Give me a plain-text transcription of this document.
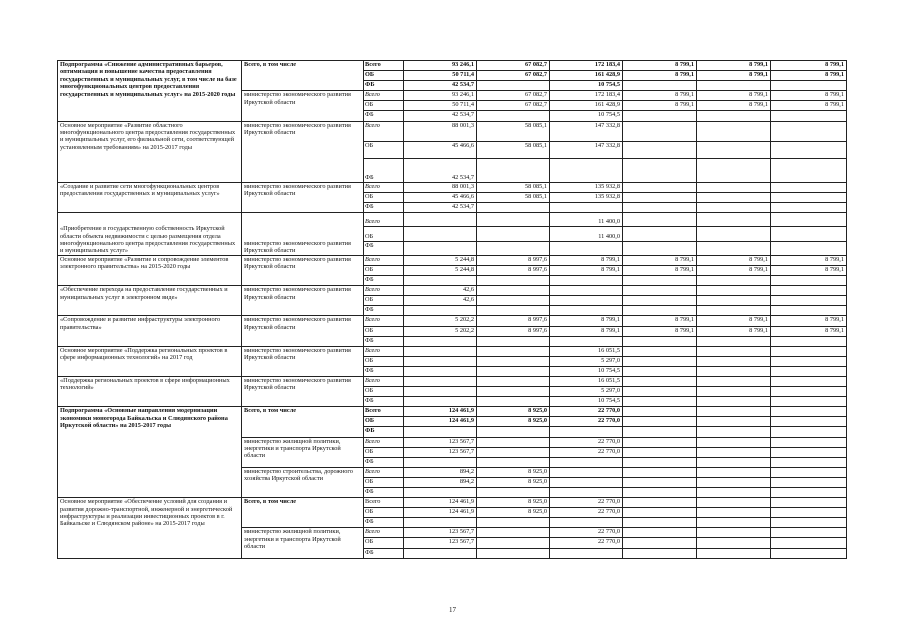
Подпрограмма «Снижение административных барьеров, оптимизация и повышение качества предоставления государственных и муниципальных услуг, в том числе на базе многофункциональных центров предоставления государственных и муниципальных услуг» на 2015-2020 годы	Всего, в том числе	Всего	93 246,1	67 082,7	172 183,4	8 799,1	8 799,1	8 799,1
		ОБ	50 711,4	67 082,7	161 428,9	8 799,1	8 799,1	8 799,1
		ФБ	42 534,7		10 754,5			
	министерство экономического развития Иркутской области	Всего	93 246,1	67 082,7	172 183,4	8 799,1	8 799,1	8 799,1
		ОБ	50 711,4	67 082,7	161 428,9	8 799,1	8 799,1	8 799,1
		ФБ	42 534,7		10 754,5			
Основное мероприятие «Развитие областного многофункционального центра предоставления государственных и муниципальных услуг, его филиальной сети, соответствующей установленным требованиям» на 2015-2017 годы	министерство экономического развития Иркутской области	Всего	88 001,3	58 085,1	147 332,8			
		ОБ	45 466,6	58 085,1	147 332,8			
		ФБ	42 534,7					
«Создание и развитие сети многофункциональных центров предоставления государственных и муниципальных услуг»	министерство экономического развития Иркутской области	Всего	88 001,3	58 085,1	135 932,8			
		ОБ	45 466,6	58 085,1	135 932,8			
		ФБ	42 534,7					
«Приобретение в государственную собственность Иркутской области объекта недвижимости с целью размещения отдела многофункционального центра предоставления государственных и муниципальных услуг»	министерство экономического развития Иркутской области	Всего			11 400,0			
		ОБ			11 400,0			
		ФБ						
Основное мероприятие «Развитие и сопровождение элементов электронного правительства» на 2015-2020 годы	министерство экономического развития Иркутской области	Всего	5 244,8	8 997,6	8 799,1	8 799,1	8 799,1	8 799,1
		ОБ	5 244,8	8 997,6	8 799,1	8 799,1	8 799,1	8 799,1
		ФБ						
«Обеспечение перехода на предоставление государственных и муниципальных услуг в электронном виде»	министерство экономического развития Иркутской области	Всего	42,6					
		ОБ	42,6					
		ФБ						
«Сопровождение и развитие инфраструктуры электронного правительства»	министерство экономического развития Иркутской области	Всего	5 202,2	8 997,6	8 799,1	8 799,1	8 799,1	8 799,1
		ОБ	5 202,2	8 997,6	8 799,1	8 799,1	8 799,1	8 799,1
		ФБ						
Основное мероприятие «Поддержка региональных проектов в сфере информационных технологий» на 2017 год	министерство экономического развития Иркутской области	Всего			16 051,5			
		ОБ			5 297,0			
		ФБ			10 754,5			
«Поддержка региональных проектов в сфере информационных технологий»	министерство экономического развития Иркутской области	Всего			16 051,5			
		ОБ			5 297,0			
		ФБ			10 754,5			
Подпрограмма «Основные направления модернизации экономики моногорода Байкальска и Слюдянского района Иркутской области» на 2015-2017 годы	Всего, в том числе	Всего	124 461,9	8 925,0	22 770,0			
		ОБ	124 461,9	8 925,0	22 770,0			
		ФБ						
	министерство жилищной политики, энергетики и транспорта Иркутской области	Всего	123 567,7		22 770,0			
		ОБ	123 567,7		22 770,0			
		ФБ						
	министерство строительства, дорожного хозяйства Иркутской области	Всего	894,2	8 925,0				
		ОБ	894,2	8 925,0				
		ФБ						
Основное мероприятие «Обеспечение условий для создания и развития дорожно-транспортной, инженерной и энергетической инфраструктуры и реализации инвестиционных проектов в г. Байкальске и Слюдянском районе» на 2015-2017 годы	Всего, в том числе	Всего	124 461,9	8 925,0	22 770,0			
		ОБ	124 461,9	8 925,0	22 770,0			
		ФБ						
	министерство жилищной политики, энергетики и транспорта Иркутской области	Всего	123 567,7		22 770,0			
		ОБ	123 567,7		22 770,0			
		ФБ						
17
